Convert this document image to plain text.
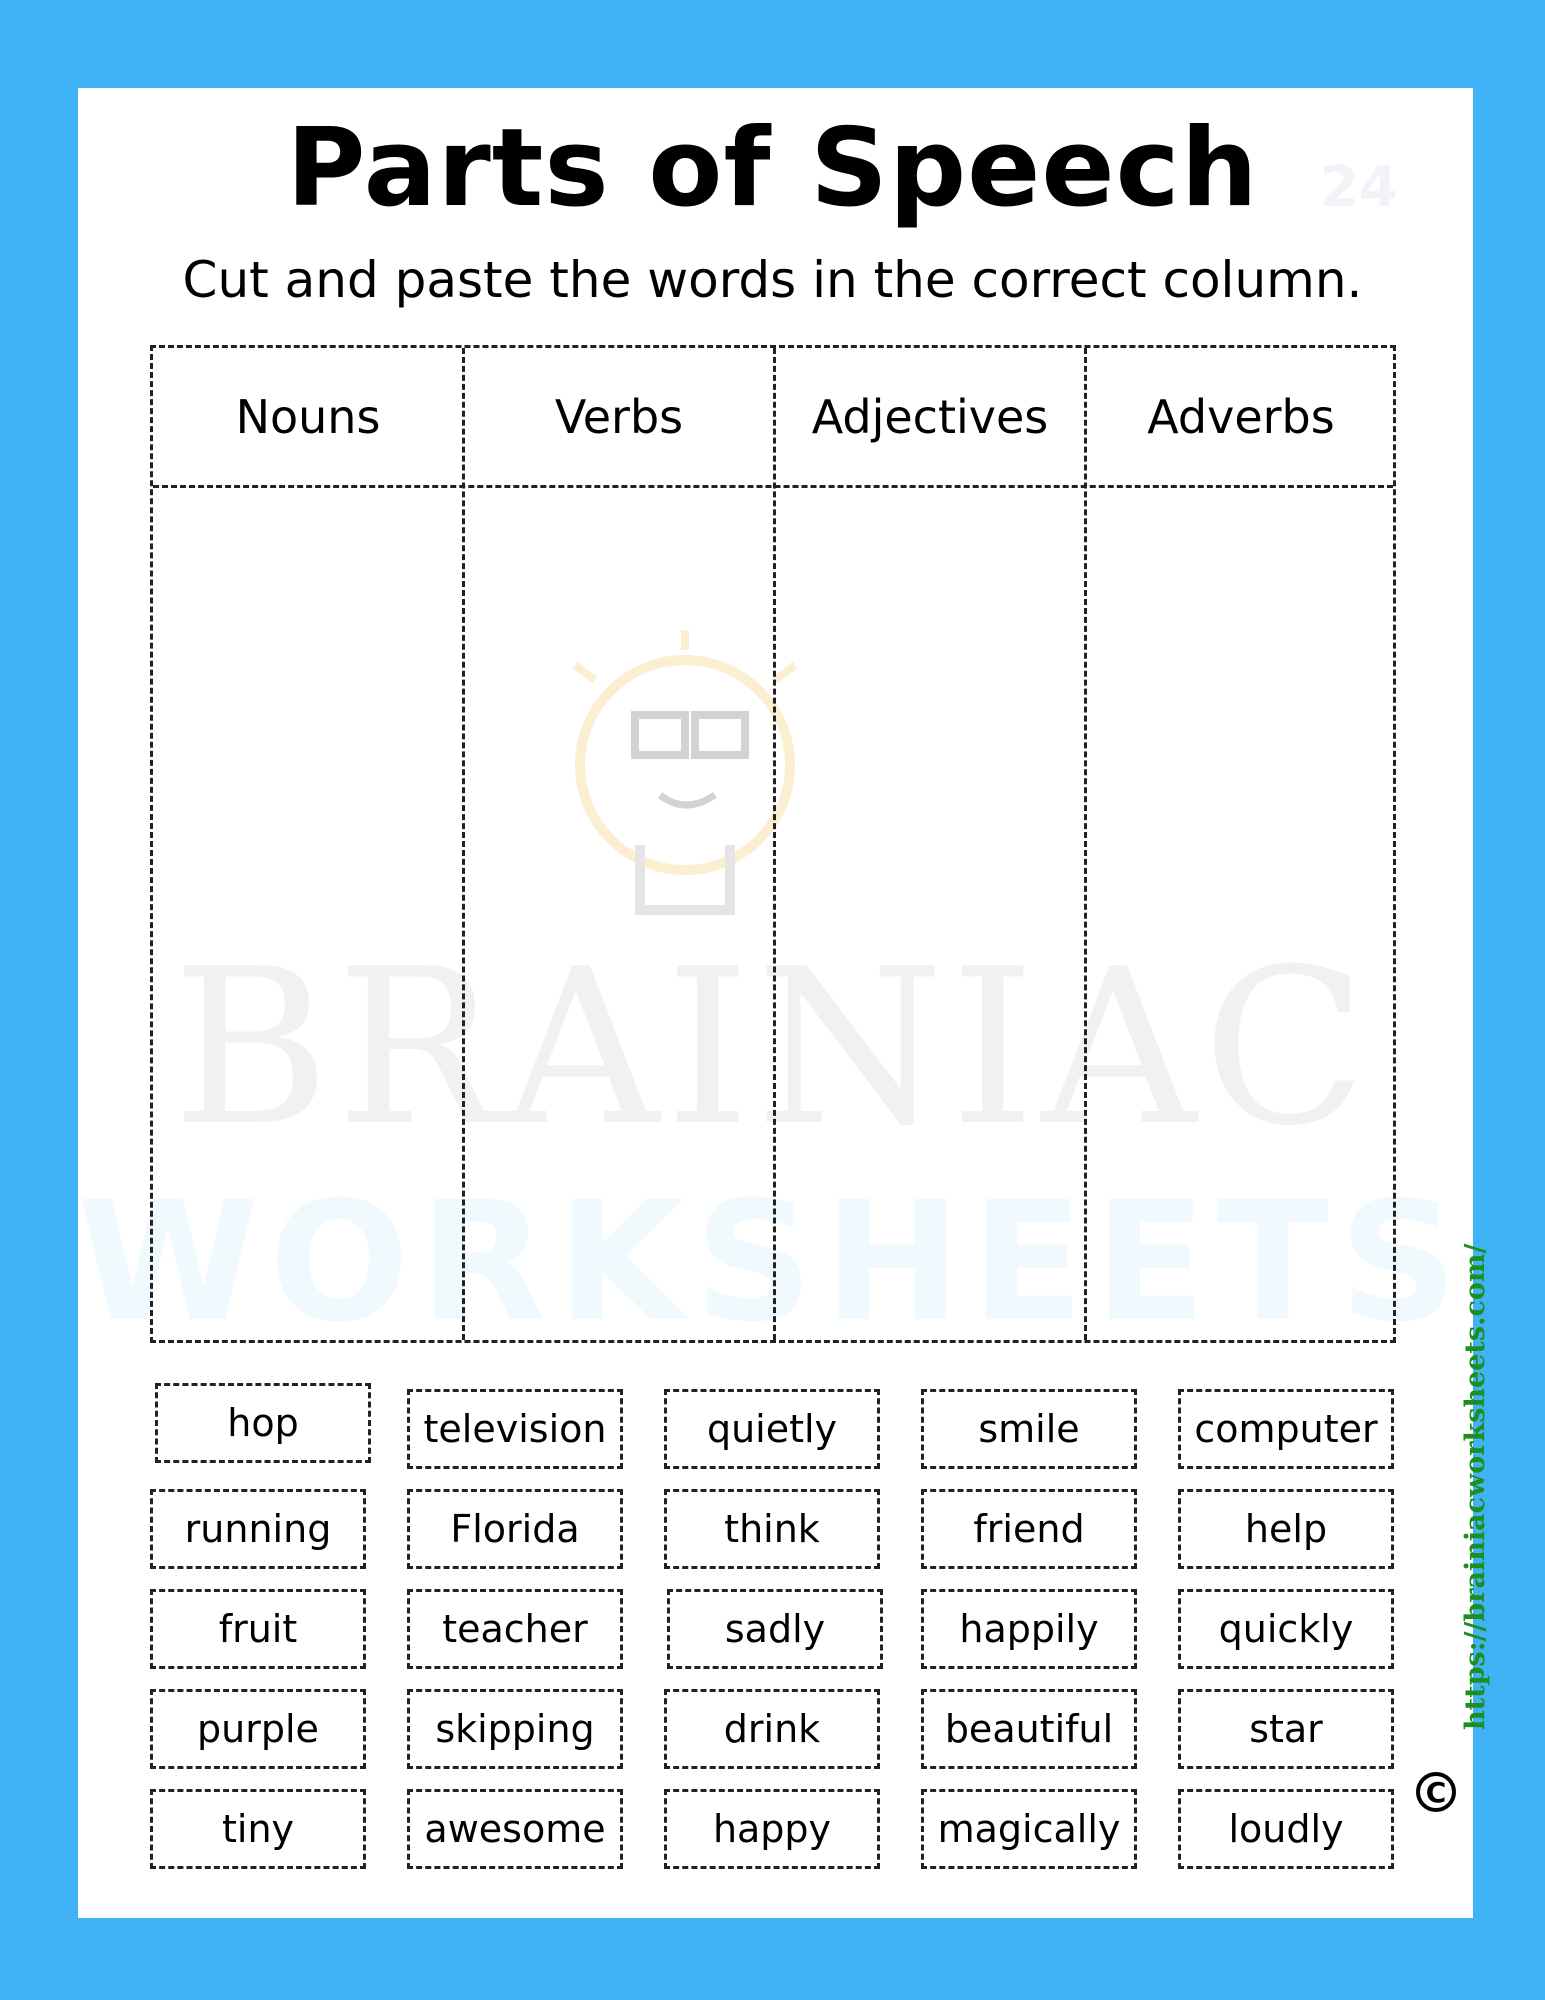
BRAINIAC
WORKSHEETS
Parts of Speech	24
Cut and paste the words in the correct column.
Nouns	Verbs	Adjectives	Adverbs
hop	television	quietly	smile	computer
running	Florida	think	friend	help
fruit	teacher	sadly	happily	quickly
purple	skipping	drink	beautiful	star
tiny	awesome	happy	magically	loudly
https://brainiacworksheets.com/
C
